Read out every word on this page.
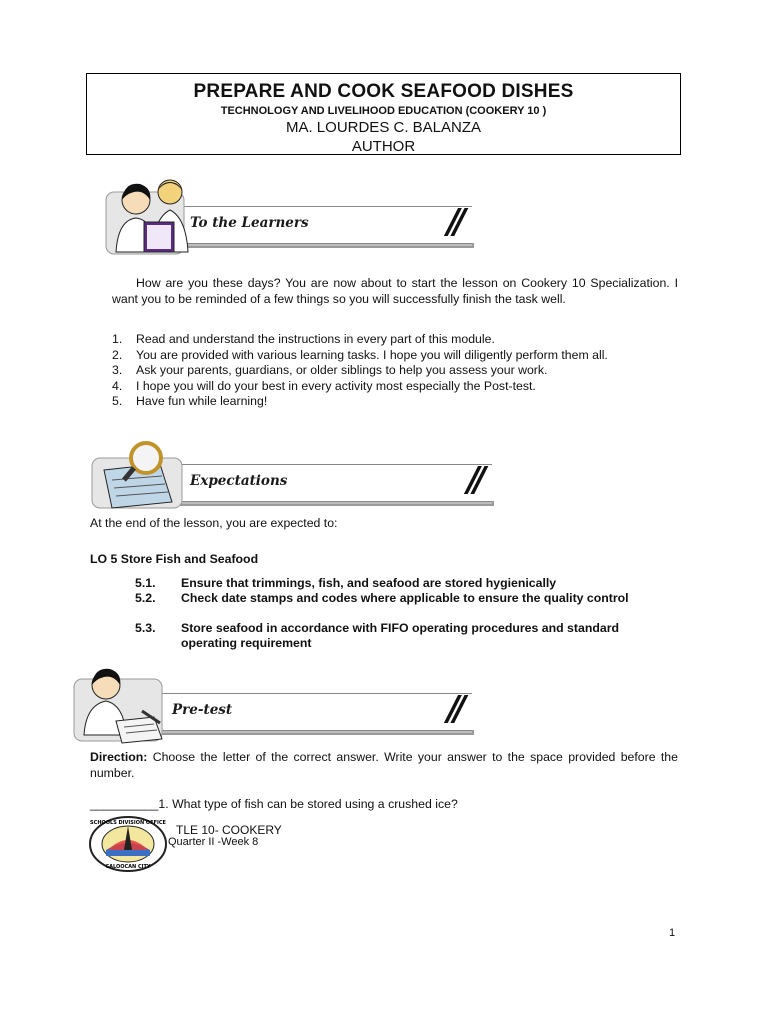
PREPARE AND COOK SEAFOOD DISHES
TECHNOLOGY AND LIVELIHOOD EDUCATION (COOKERY 10 )
MA. LOURDES C. BALANZA
AUTHOR
To the Learners	//
How are you these days? You are now about to start the lesson on Cookery 10 Specialization. I want you to be reminded of a few things so you will successfully finish the task well.
1. Read and understand the instructions in every part of this module.
2. You are provided with various learning tasks. I hope you will diligently perform them all.
3. Ask your parents, guardians, or older siblings to help you assess your work.
4. I hope you will do your best in every activity most especially the Post-test.
5. Have fun while learning!
Expectations	//
At the end of the lesson, you are expected to:
LO 5 Store Fish and Seafood
5.1. Ensure that trimmings, fish, and seafood are stored hygienically
5.2. Check date stamps and codes where applicable to ensure the quality control
5.3. Store seafood in accordance with FIFO operating procedures and standard operating requirement
Pre-test	//
Direction: Choose the letter of the correct answer. Write your answer to the space provided before the number.
__________1. What type of fish can be stored using a crushed ice?
CALOOCAN CITY
SCHOOLS DIVISION OFFICE TLE 10- COOKERY
Quarter II -Week 8
1
